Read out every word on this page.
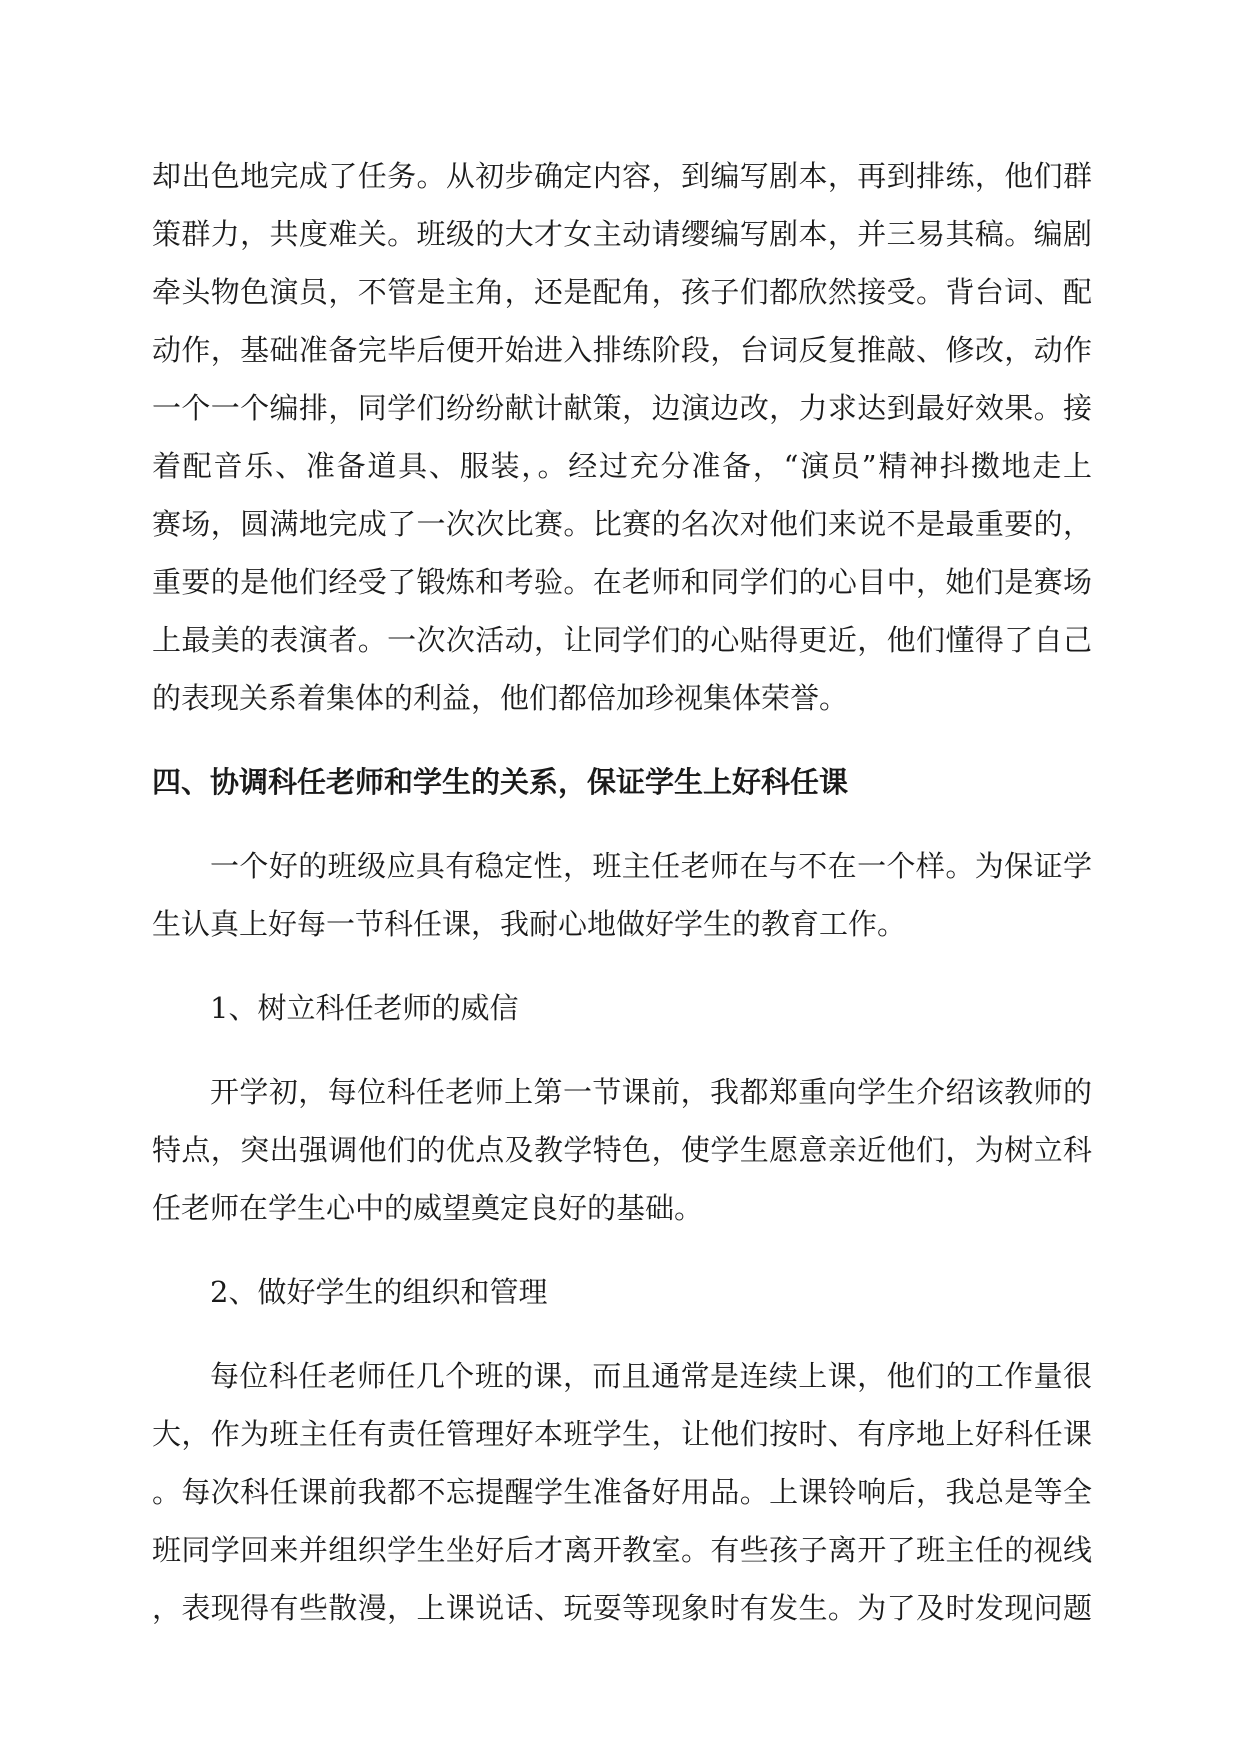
却出色地完成了任务。从初步确定内容，到编写剧本，再到排练，他们群
策群力，共度难关。班级的大才女主动请缨编写剧本，并三易其稿。编剧
牵头物色演员，不管是主角，还是配角，孩子们都欣然接受。背台词、配
动作，基础准备完毕后便开始进入排练阶段，台词反复推敲、修改，动作
一个一个编排，同学们纷纷献计献策，边演边改，力求达到最好效果。接
着配音乐、准备道具、服装，。经过充分准备，“演员”精神抖擞地走上
赛场，圆满地完成了一次次比赛。比赛的名次对他们来说不是最重要的，
重要的是他们经受了锻炼和考验。在老师和同学们的心目中，她们是赛场
上最美的表演者。一次次活动，让同学们的心贴得更近，他们懂得了自己
的表现关系着集体的利益，他们都倍加珍视集体荣誉。
四、协调科任老师和学生的关系，保证学生上好科任课
一个好的班级应具有稳定性，班主任老师在与不在一个样。为保证学
生认真上好每一节科任课，我耐心地做好学生的教育工作。
1、树立科任老师的威信
开学初，每位科任老师上第一节课前，我都郑重向学生介绍该教师的
特点，突出强调他们的优点及教学特色，使学生愿意亲近他们，为树立科
任老师在学生心中的威望奠定良好的基础。
2、做好学生的组织和管理
每位科任老师任几个班的课，而且通常是连续上课，他们的工作量很
大，作为班主任有责任管理好本班学生，让他们按时、有序地上好科任课
。每次科任课前我都不忘提醒学生准备好用品。上课铃响后，我总是等全
班同学回来并组织学生坐好后才离开教室。有些孩子离开了班主任的视线
，表现得有些散漫，上课说话、玩耍等现象时有发生。为了及时发现问题
